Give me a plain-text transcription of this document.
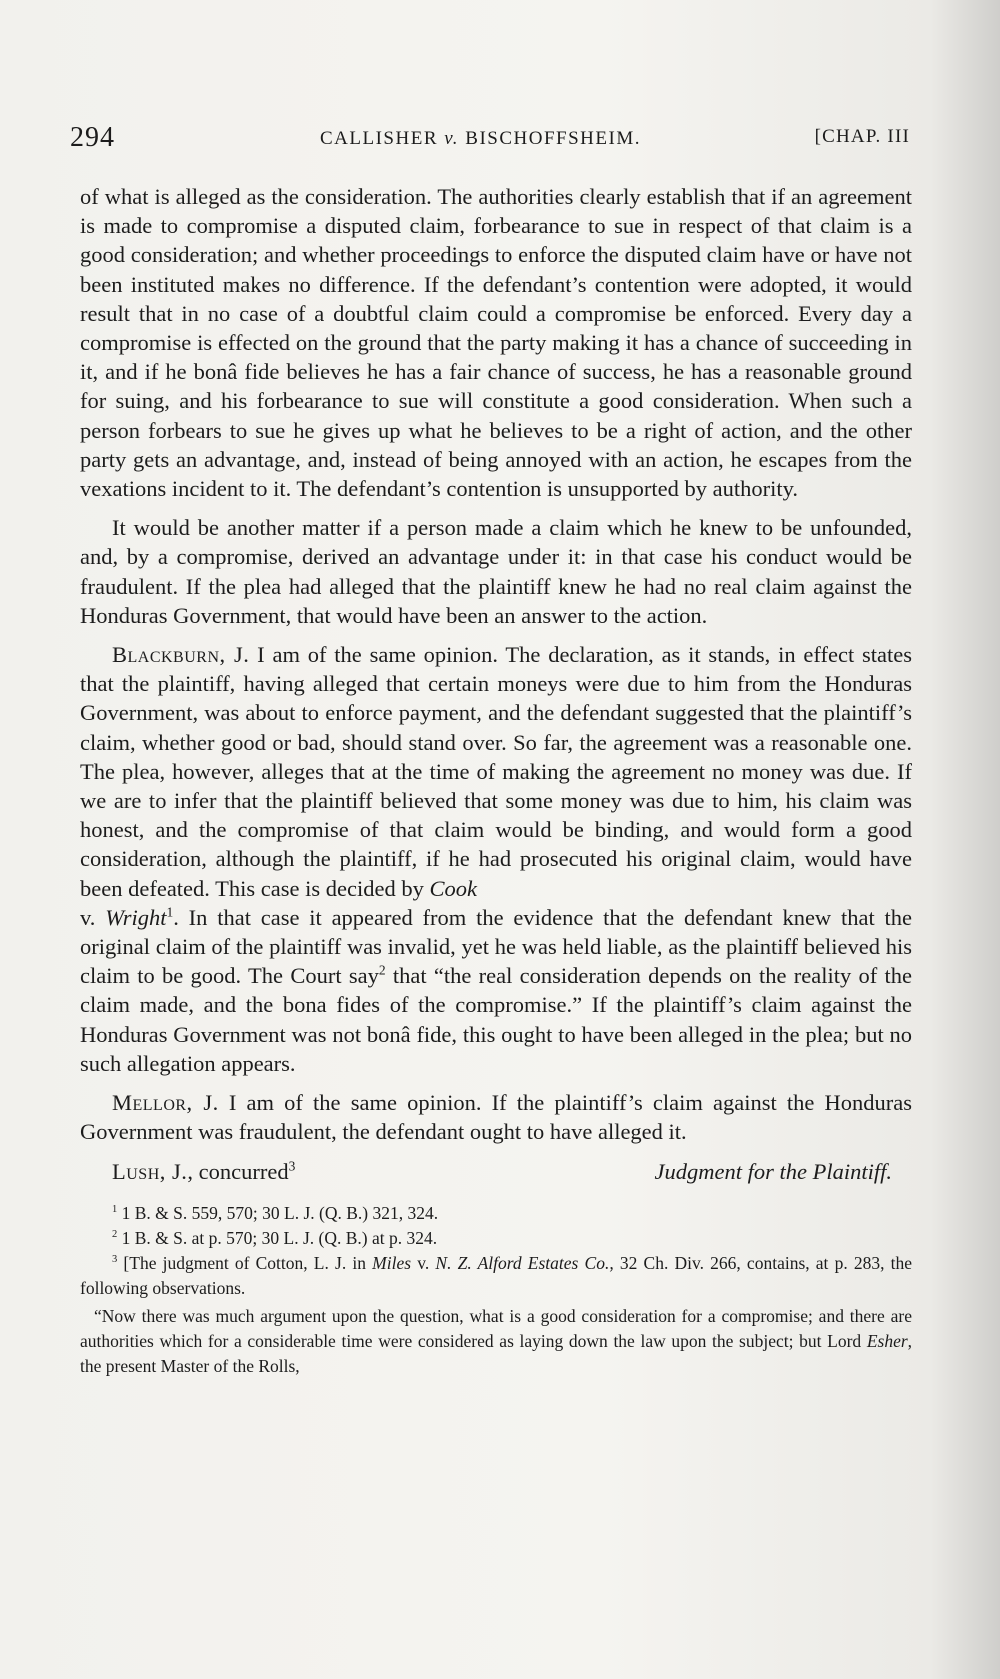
294	CALLISHER v. BISCHOFFSHEIM.	[CHAP. III

of what is alleged as the consideration. The authorities clearly establish that if an agreement is made to compromise a disputed claim, forbearance to sue in respect of that claim is a good consideration; and whether proceedings to enforce the disputed claim have or have not been instituted makes no difference. If the defendant’s contention were adopted, it would result that in no case of a doubtful claim could a compromise be enforced. Every day a compromise is effected on the ground that the party making it has a chance of succeeding in it, and if he bonâ fide believes he has a fair chance of success, he has a reasonable ground for suing, and his forbearance to sue will constitute a good consideration. When such a person forbears to sue he gives up what he believes to be a right of action, and the other party gets an advantage, and, instead of being annoyed with an action, he escapes from the vexations incident to it. The defendant’s contention is unsupported by authority.

It would be another matter if a person made a claim which he knew to be unfounded, and, by a compromise, derived an advantage under it: in that case his conduct would be fraudulent. If the plea had alleged that the plaintiff knew he had no real claim against the Honduras Government, that would have been an answer to the action.

Blackburn, J. I am of the same opinion. The declaration, as it stands, in effect states that the plaintiff, having alleged that certain moneys were due to him from the Honduras Government, was about to enforce payment, and the defendant suggested that the plaintiff’s claim, whether good or bad, should stand over. So far, the agreement was a reasonable one. The plea, however, alleges that at the time of making the agreement no money was due. If we are to infer that the plaintiff believed that some money was due to him, his claim was honest, and the compromise of that claim would be binding, and would form a good consideration, although the plaintiff, if he had prosecuted his original claim, would have been defeated. This case is decided by Cook
v. Wright$^1$. In that case it appeared from the evidence that the defendant knew that the original claim of the plaintiff was invalid, yet he was held liable, as the plaintiff believed his claim to be good. The Court say$^2$ that “the real consideration depends on the reality of the claim made, and the bona fides of the compromise.” If the plaintiff’s claim against the Honduras Government was not bonâ fide, this ought to have been alleged in the plea; but no such allegation appears.

Mellor, J. I am of the same opinion. If the plaintiff’s claim against the Honduras Government was fraudulent, the defendant ought to have alleged it.

Lush, J., concurred$^3$	Judgment for the Plaintiff.

$^1$ 1 B. & S. 559, 570; 30 L. J. (Q. B.) 321, 324.

$^2$ 1 B. & S. at p. 570; 30 L. J. (Q. B.) at p. 324.

$^3$ [The judgment of Cotton, L. J. in Miles v. N. Z. Alford Estates Co., 32 Ch. Div. 266, contains, at p. 283, the following observations.

“Now there was much argument upon the question, what is a good consideration for a compromise; and there are authorities which for a considerable time were considered as laying down the law upon the subject; but Lord Esher, the present Master of the Rolls,
